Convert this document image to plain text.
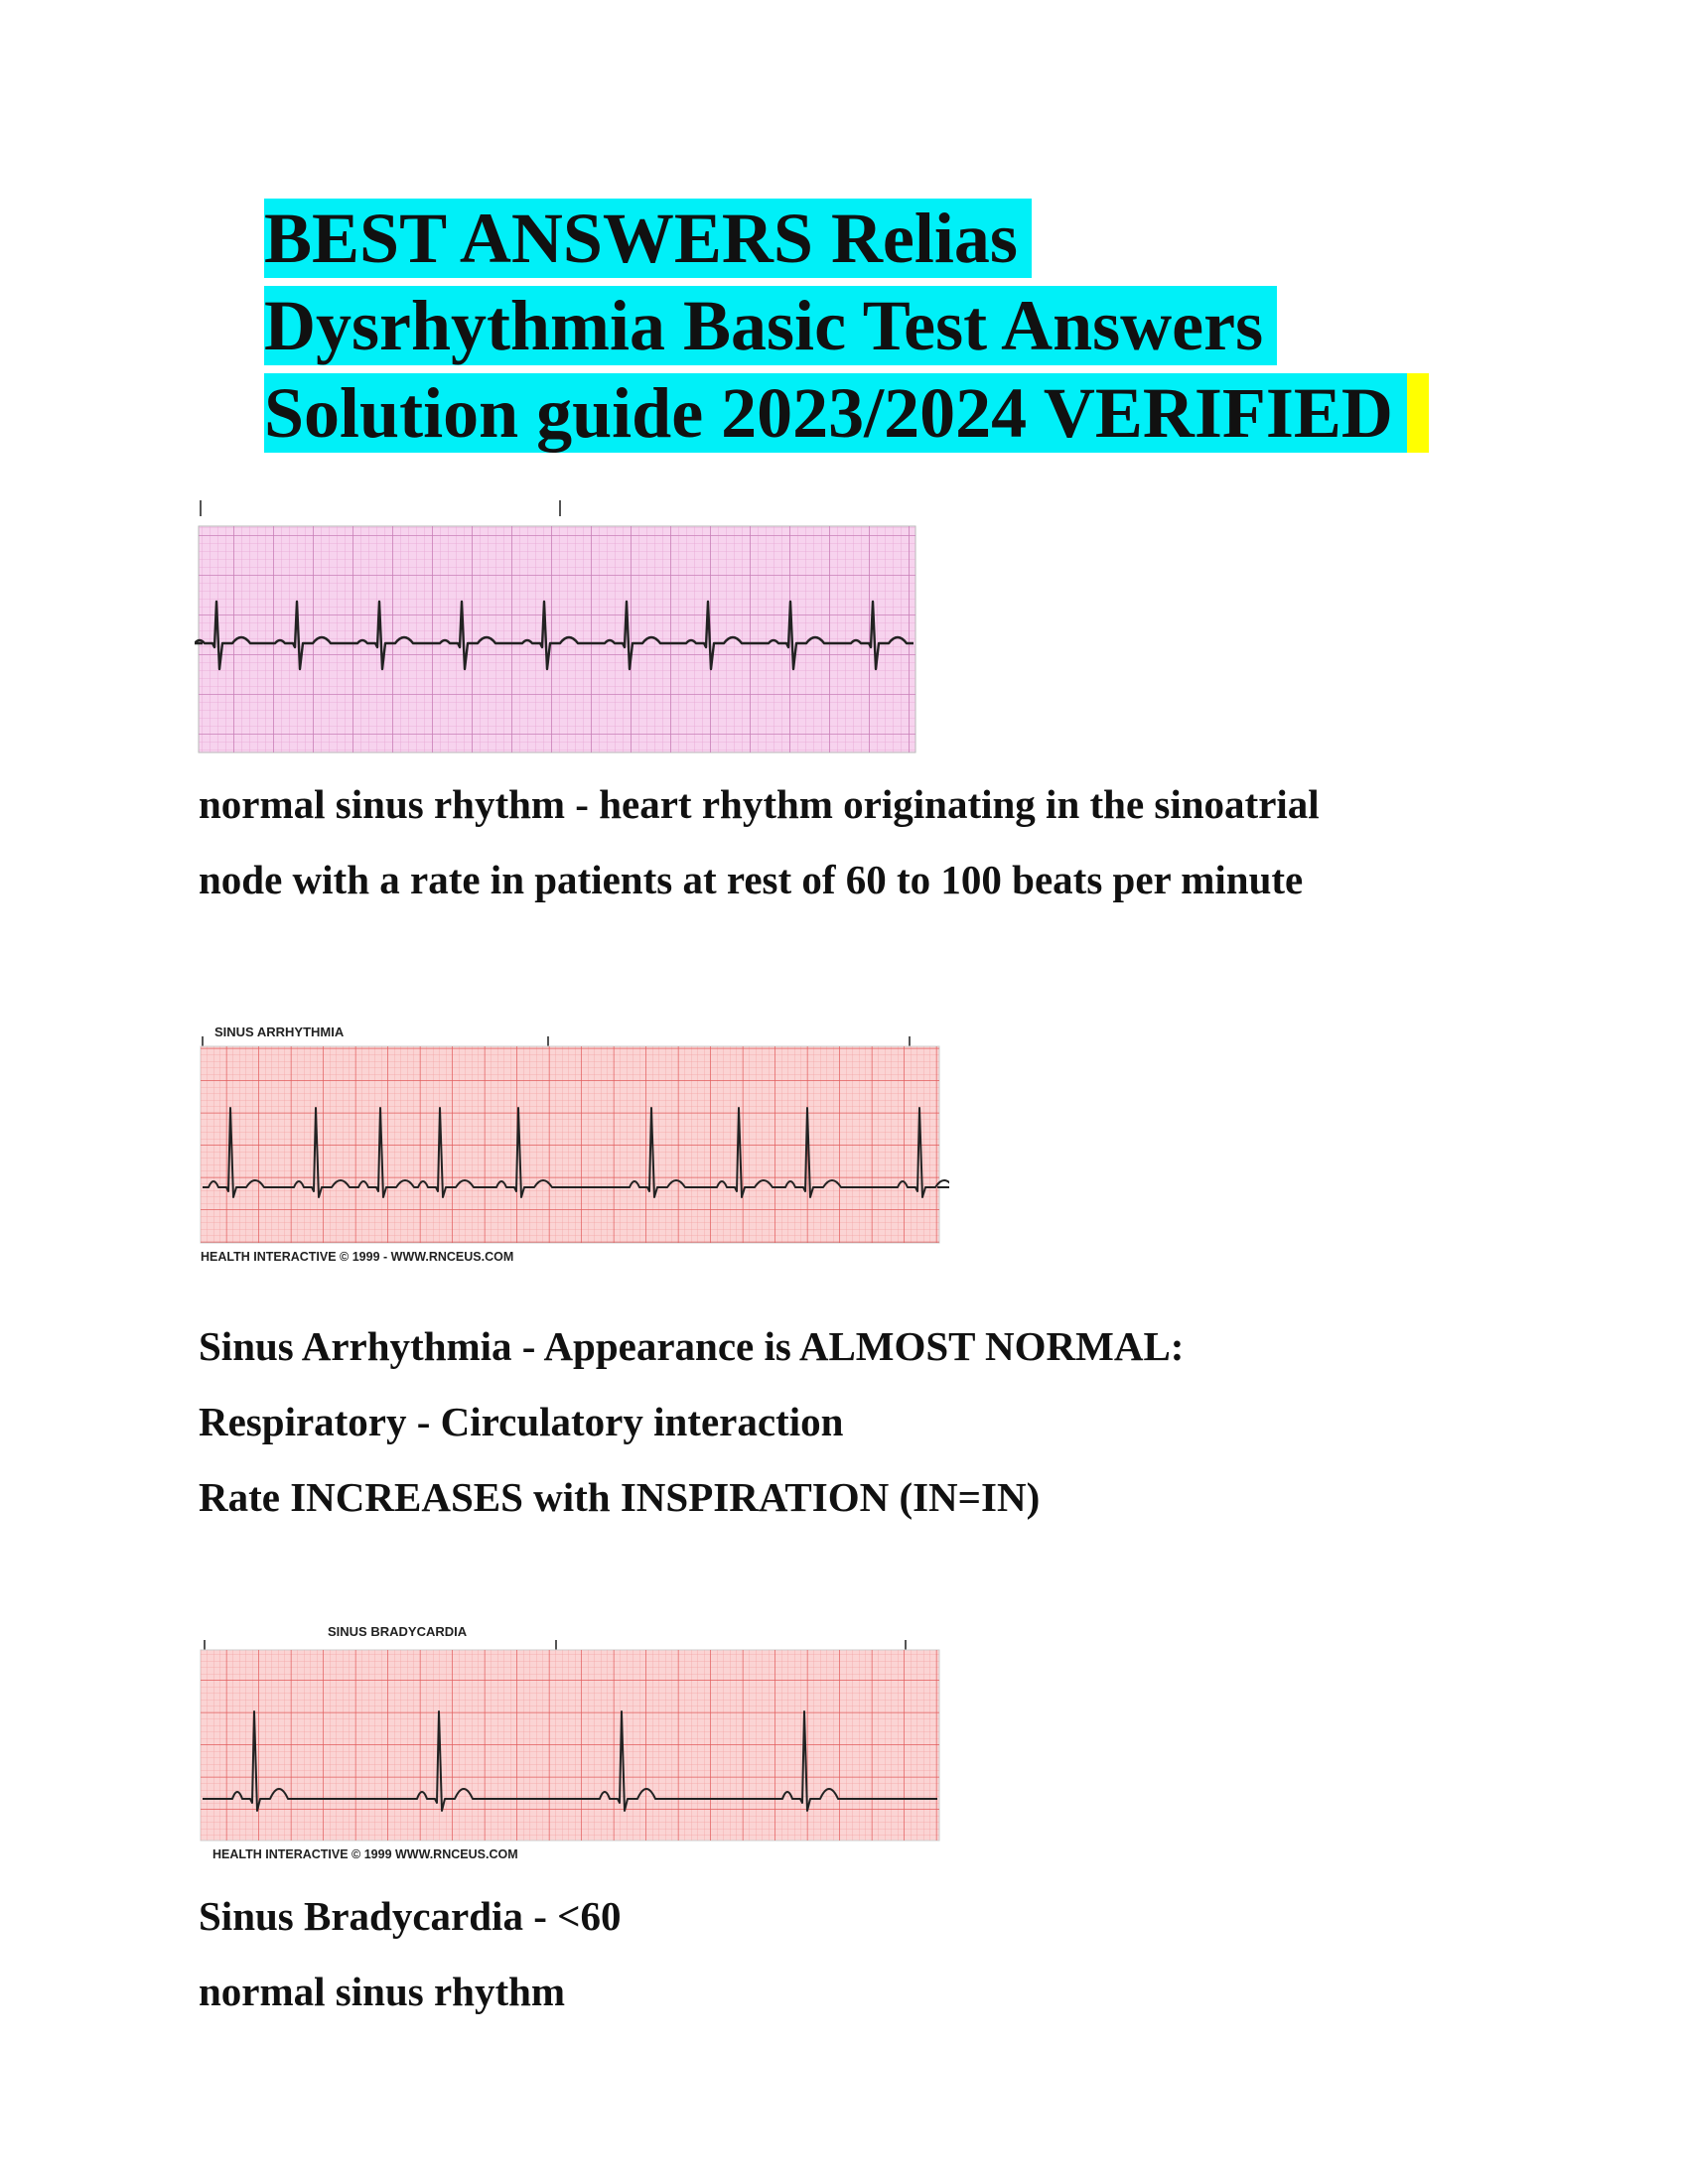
BEST ANSWERS Relias
Dysrhythmia Basic Test Answers
Solution guide 2023/2024 VERIFIED

normal sinus rhythm - heart rhythm originating in the sinoatrial

node with a rate in patients at rest of 60 to 100 beats per minute

SINUS ARRHYTHMIA
HEALTH INTERACTIVE © 1999 - WWW.RNCEUS.COM

Sinus Arrhythmia - Appearance is ALMOST NORMAL:

Respiratory - Circulatory interaction

Rate INCREASES with INSPIRATION (IN=IN)

SINUS BRADYCARDIA
HEALTH INTERACTIVE © 1999 WWW.RNCEUS.COM

Sinus Bradycardia - <60

normal sinus rhythm
